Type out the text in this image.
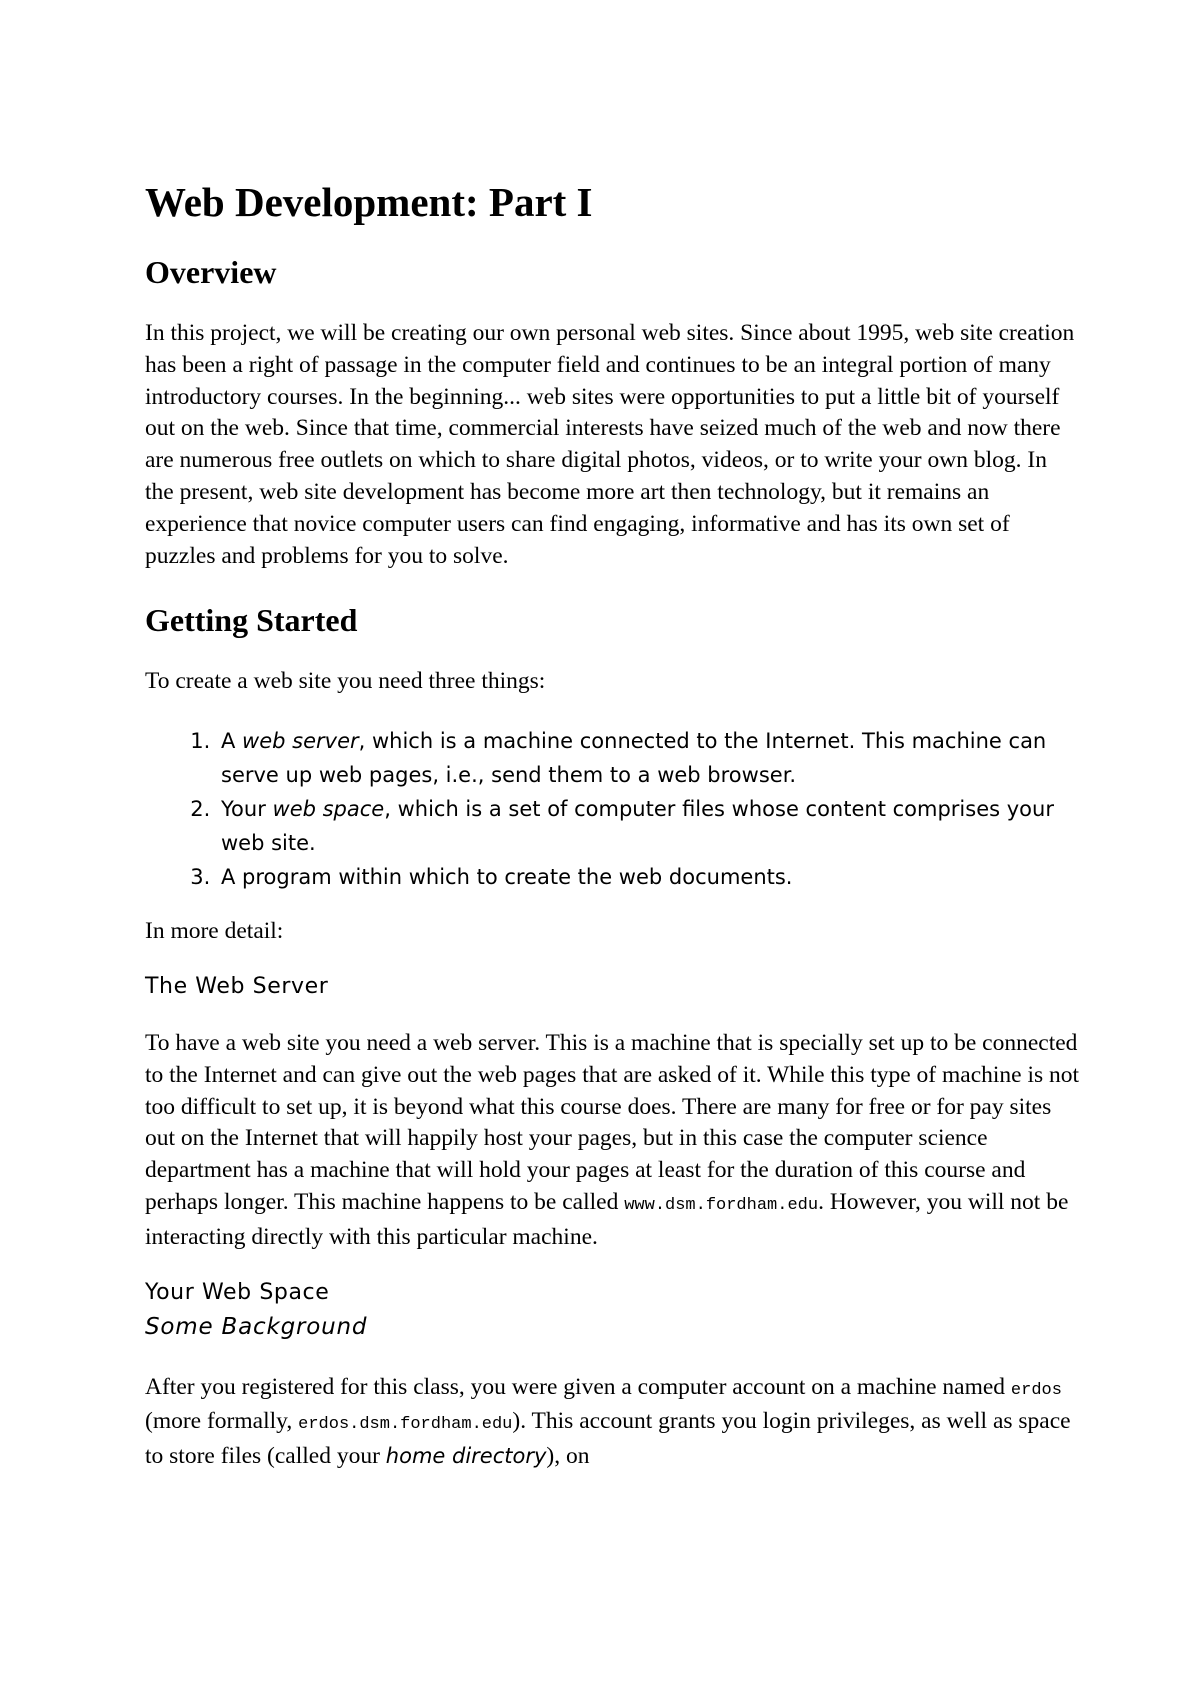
Web Development: Part I
Overview

In this project, we will be creating our own personal web sites. Since about 1995, web site creation has been a right of passage in the computer field and continues to be an integral portion of many introductory courses. In the beginning... web sites were opportunities to put a little bit of yourself out on the web. Since that time, commercial interests have seized much of the web and now there are numerous free outlets on which to share digital photos, videos, or to write your own blog. In the present, web site development has become more art then technology, but it remains an experience that novice computer users can find engaging, informative and has its own set of puzzles and problems for you to solve.

Getting Started

To create a web site you need three things:

1. A web server, which is a machine connected to the Internet. This machine can serve up web pages, i.e., send them to a web browser.
2. Your web space, which is a set of computer files whose content comprises your web site.
3. A program within which to create the web documents.

In more detail:

The Web Server

To have a web site you need a web server. This is a machine that is specially set up to be connected to the Internet and can give out the web pages that are asked of it. While this type of machine is not too difficult to set up, it is beyond what this course does. There are many for free or for pay sites out on the Internet that will happily host your pages, but in this case the computer science department has a machine that will hold your pages at least for the duration of this course and perhaps longer. This machine happens to be called www.dsm.fordham.edu. However, you will not be interacting directly with this particular machine.

Your Web Space
Some Background

After you registered for this class, you were given a computer account on a machine named erdos (more formally, erdos.dsm.fordham.edu). This account grants you login privileges, as well as space to store files (called your home directory), on
